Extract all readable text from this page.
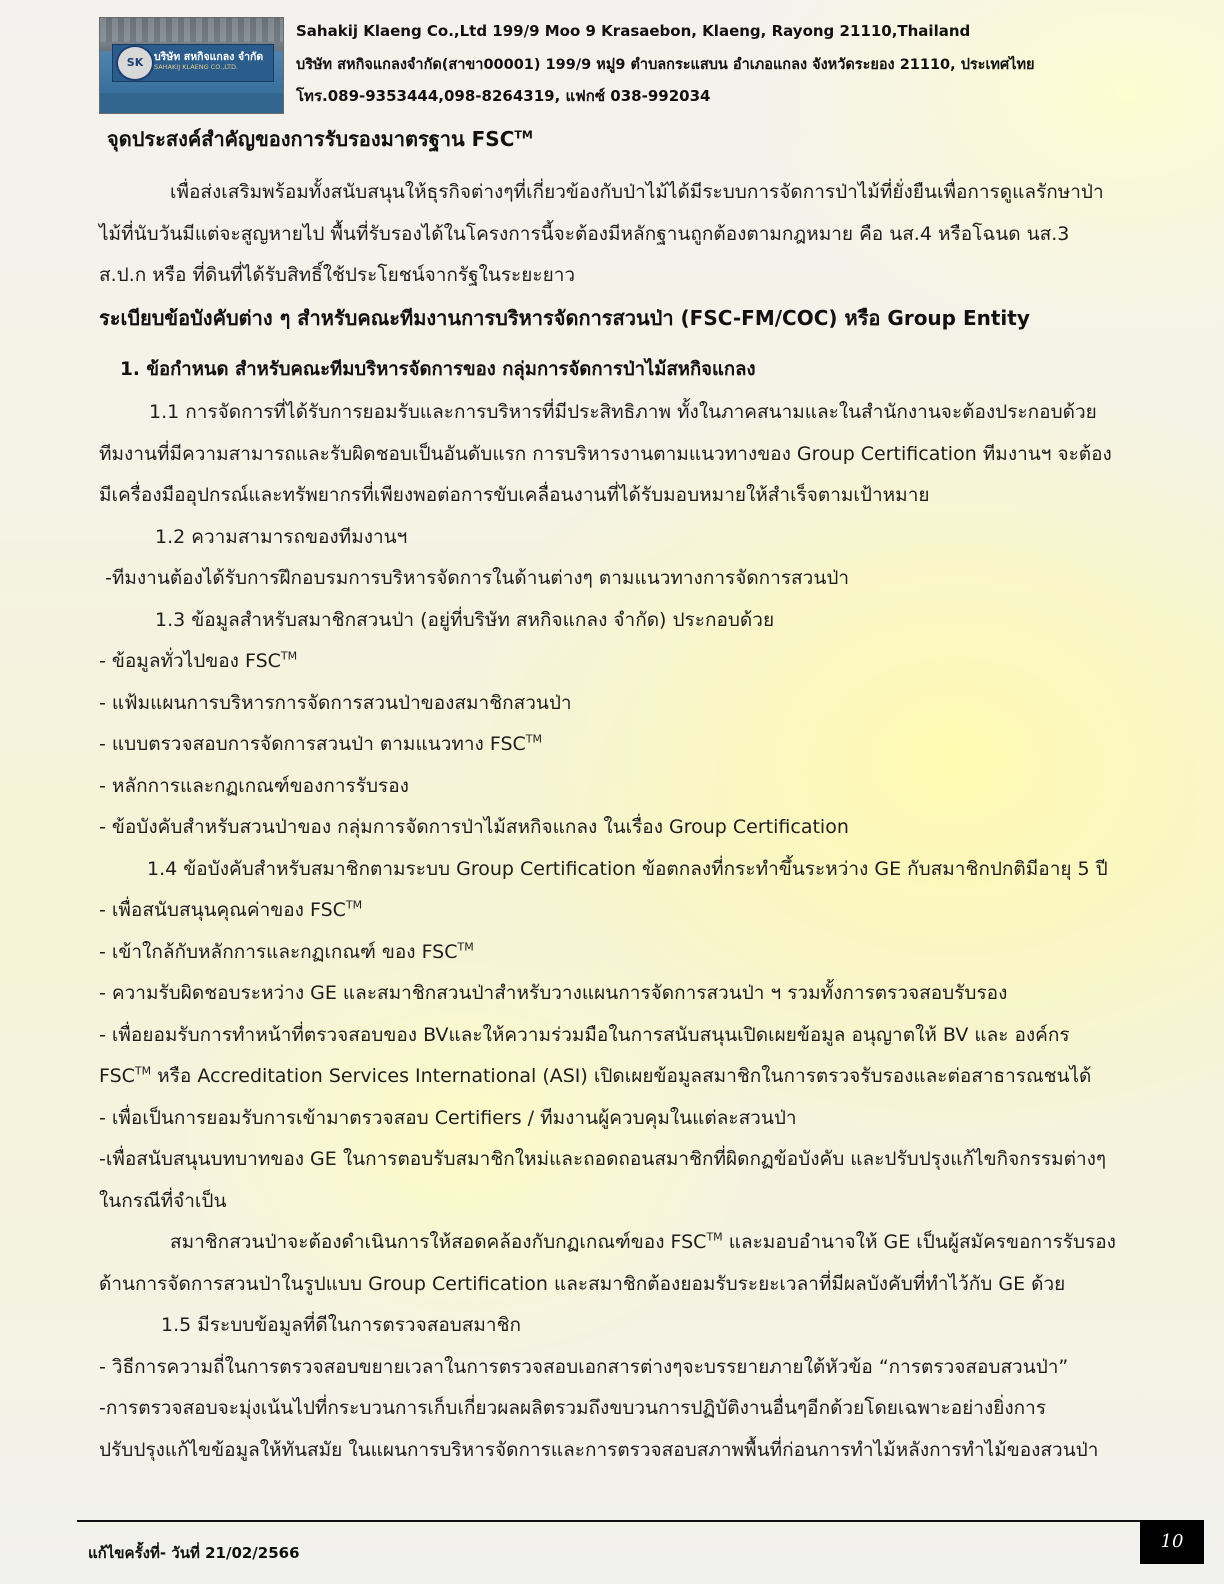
SK	บริษัท สหกิจแกลง จำกัด
SAHAKIJ KLAENG CO.,LTD.
Sahakij Klaeng Co.,Ltd 199/9 Moo 9 Krasaebon, Klaeng, Rayong 21110,Thailand
บริษัท สหกิจแกลงจำกัด(สาขา00001) 199/9 หมู่9 ตำบลกระแสบน อำเภอแกลง จังหวัดระยอง 21110, ประเทศไทย
โทร.089-9353444,098-8264319, แฟกซ์ 038-992034
จุดประสงค์สำคัญของการรับรองมาตรฐาน FSC™
เพื่อส่งเสริมพร้อมทั้งสนับสนุนให้ธุรกิจต่างๆที่เกี่ยวข้องกับป่าไม้ได้มีระบบการจัดการป่าไม้ที่ยั่งยืนเพื่อการดูแลรักษาป่า
ไม้ที่นับวันมีแต่จะสูญหายไป พื้นที่รับรองได้ในโครงการนี้จะต้องมีหลักฐานถูกต้องตามกฎหมาย คือ นส.4 หรือโฉนด นส.3
ส.ป.ก หรือ ที่ดินที่ได้รับสิทธิ์ใช้ประโยชน์จากรัฐในระยะยาว
ระเบียบข้อบังคับต่าง ๆ สำหรับคณะทีมงานการบริหารจัดการสวนป่า (FSC-FM/COC) หรือ Group Entity
1. ข้อกำหนด สำหรับคณะทีมบริหารจัดการของ กลุ่มการจัดการป่าไม้สหกิจแกลง
1.1 การจัดการที่ได้รับการยอมรับและการบริหารที่มีประสิทธิภาพ ทั้งในภาคสนามและในสำนักงานจะต้องประกอบด้วย
ทีมงานที่มีความสามารถและรับผิดชอบเป็นอันดับแรก การบริหารงานตามแนวทางของ Group Certification ทีมงานฯ จะต้อง
มีเครื่องมืออุปกรณ์และทรัพยากรที่เพียงพอต่อการขับเคลื่อนงานที่ได้รับมอบหมายให้สำเร็จตามเป้าหมาย
1.2 ความสามารถของทีมงานฯ
-ทีมงานต้องได้รับการฝึกอบรมการบริหารจัดการในด้านต่างๆ ตามแนวทางการจัดการสวนป่า
1.3 ข้อมูลสำหรับสมาชิกสวนป่า (อยู่ที่บริษัท สหกิจแกลง จำกัด) ประกอบด้วย
- ข้อมูลทั่วไปของ FSC™
- แฟ้มแผนการบริหารการจัดการสวนป่าของสมาชิกสวนป่า
- แบบตรวจสอบการจัดการสวนป่า ตามแนวทาง FSC™
- หลักการและกฏเกณฑ์ของการรับรอง
- ข้อบังคับสำหรับสวนป่าของ กลุ่มการจัดการป่าไม้สหกิจแกลง ในเรื่อง Group Certification
1.4 ข้อบังคับสำหรับสมาชิกตามระบบ Group Certification ข้อตกลงที่กระทำขึ้นระหว่าง GE กับสมาชิกปกติมีอายุ 5 ปี
- เพื่อสนับสนุนคุณค่าของ FSC™
- เข้าใกล้กับหลักการและกฏเกณฑ์ ของ FSC™
- ความรับผิดชอบระหว่าง GE และสมาชิกสวนป่าสำหรับวางแผนการจัดการสวนป่า ฯ รวมทั้งการตรวจสอบรับรอง
- เพื่อยอมรับการทำหน้าที่ตรวจสอบของ BVและให้ความร่วมมือในการสนับสนุนเปิดเผยข้อมูล อนุญาตให้ BV และ องค์กร
FSC™ หรือ Accreditation Services International (ASI) เปิดเผยข้อมูลสมาชิกในการตรวจรับรองและต่อสาธารณชนได้
- เพื่อเป็นการยอมรับการเข้ามาตรวจสอบ Certifiers / ทีมงานผู้ควบคุมในแต่ละสวนป่า
-เพื่อสนับสนุนบทบาทของ GE ในการตอบรับสมาชิกใหม่และถอดถอนสมาชิกที่ผิดกฏข้อบังคับ และปรับปรุงแก้ไขกิจกรรมต่างๆ
ในกรณีที่จำเป็น
สมาชิกสวนป่าจะต้องดำเนินการให้สอดคล้องกับกฏเกณฑ์ของ FSC™ และมอบอำนาจให้ GE เป็นผู้สมัครขอการรับรอง
ด้านการจัดการสวนป่าในรูปแบบ Group Certification และสมาชิกต้องยอมรับระยะเวลาที่มีผลบังคับที่ทำไว้กับ GE ด้วย
1.5 มีระบบข้อมูลที่ดีในการตรวจสอบสมาชิก
- วิธีการความถี่ในการตรวจสอบขยายเวลาในการตรวจสอบเอกสารต่างๆจะบรรยายภายใต้หัวข้อ “การตรวจสอบสวนป่า”
-การตรวจสอบจะมุ่งเน้นไปที่กระบวนการเก็บเกี่ยวผลผลิตรวมถึงขบวนการปฏิบัติงานอื่นๆอีกด้วยโดยเฉพาะอย่างยิ่งการ
ปรับปรุงแก้ไขข้อมูลให้ทันสมัย ในแผนการบริหารจัดการและการตรวจสอบสภาพพื้นที่ก่อนการทำไม้หลังการทำไม้ของสวนป่า
แก้ไขครั้งที่- วันที่ 21/02/2566
10
